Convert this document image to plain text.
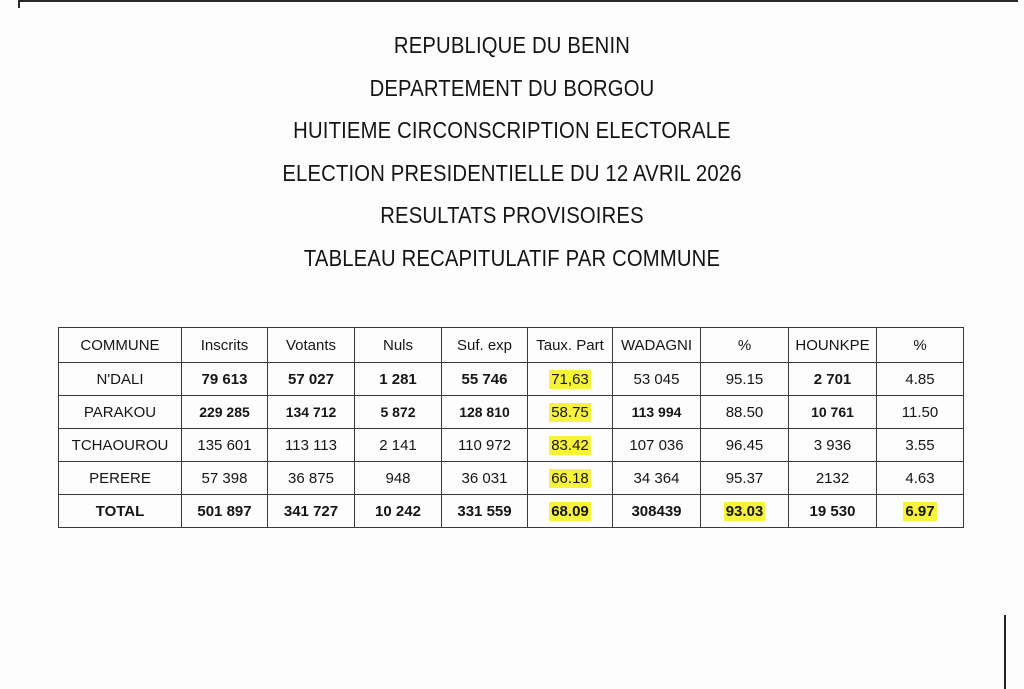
REPUBLIQUE DU BENIN
DEPARTEMENT DU BORGOU
HUITIEME CIRCONSCRIPTION ELECTORALE
ELECTION PRESIDENTIELLE DU 12 AVRIL 2026
RESULTATS PROVISOIRES
TABLEAU RECAPITULATIF PAR COMMUNE
COMMUNE	Inscrits	Votants	Nuls	Suf. exp	Taux. Part	WADAGNI	%	HOUNKPE	%
N'DALI	79 613	57 027	1 281	55 746	71,63	53 045	95.15	2 701	4.85
PARAKOU	229 285	134 712	5 872	128 810	58.75	113 994	88.50	10 761	11.50
TCHAOUROU	135 601	113 113	2 141	110 972	83.42	107 036	96.45	3 936	3.55
PERERE	57 398	36 875	948	36 031	66.18	34 364	95.37	2132	4.63
TOTAL	501 897	341 727	10 242	331 559	68.09	308439	93.03	19 530	6.97
